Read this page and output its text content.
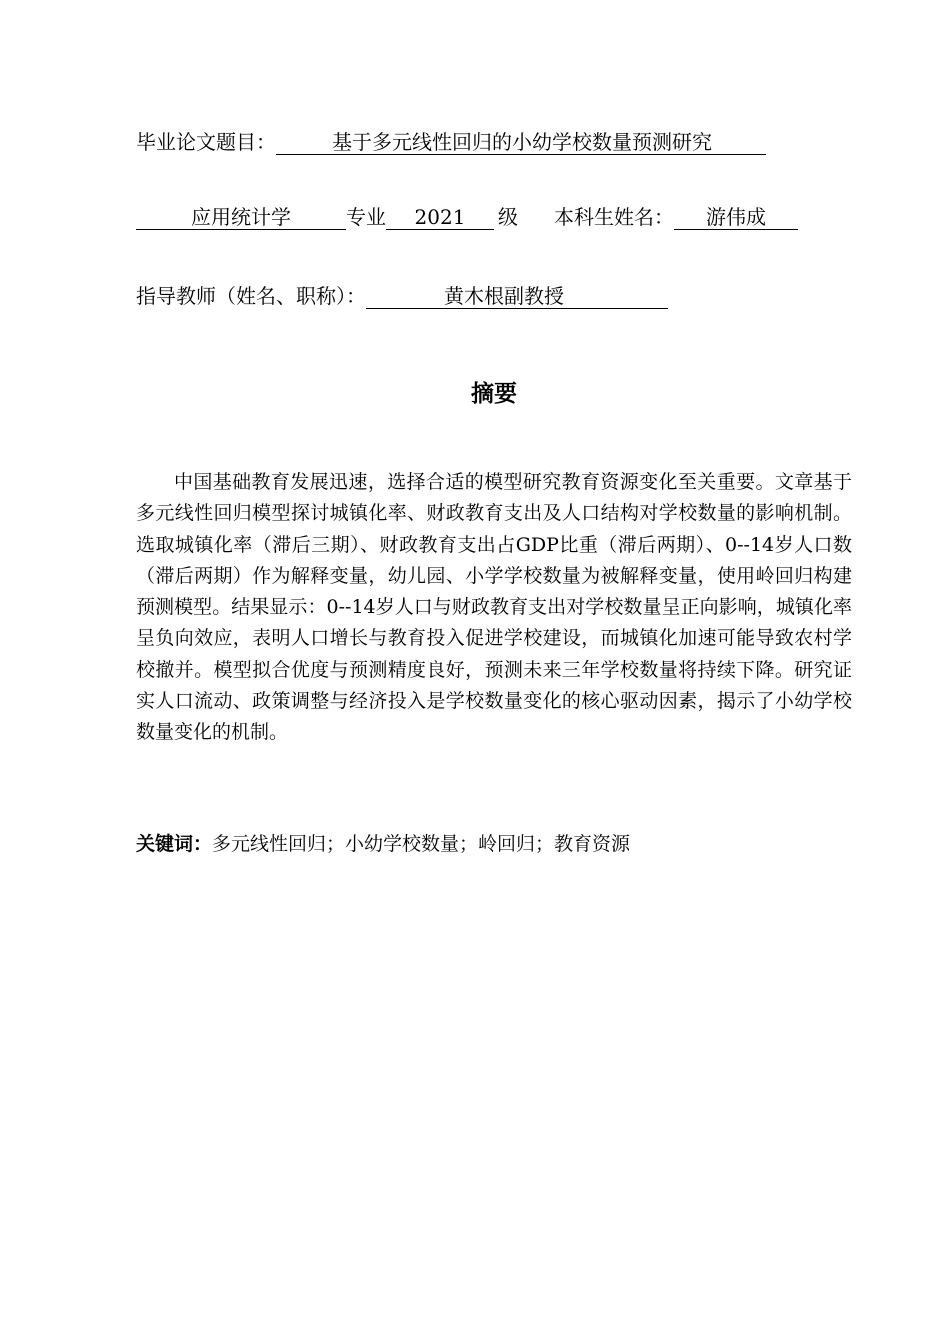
毕业论文题目：	基于多元线性回归的小幼学校数量预测研究
应用统计学	专业 2021 级 本科生姓名： 游伟成
指导教师（姓名、职称）：	黄木根副教授
摘要
中国基础教育发展迅速，选择合适的模型研究教育资源变化至关重要。文章基于多元线性回归模型探讨城镇化率、财政教育支出及人口结构对学校数量的影响机制。选取城镇化率（滞后三期）、财政教育支出占GDP比重（滞后两期）、0--14岁人口数（滞后两期）作为解释变量，幼儿园、小学学校数量为被解释变量，使用岭回归构建预测模型。结果显示：0--14岁人口与财政教育支出对学校数量呈正向影响，城镇化率呈负向效应，表明人口增长与教育投入促进学校建设，而城镇化加速可能导致农村学校撤并。模型拟合优度与预测精度良好，预测未来三年学校数量将持续下降。研究证实人口流动、政策调整与经济投入是学校数量变化的核心驱动因素，揭示了小幼学校数量变化的机制。
关键词：多元线性回归；小幼学校数量；岭回归；教育资源
